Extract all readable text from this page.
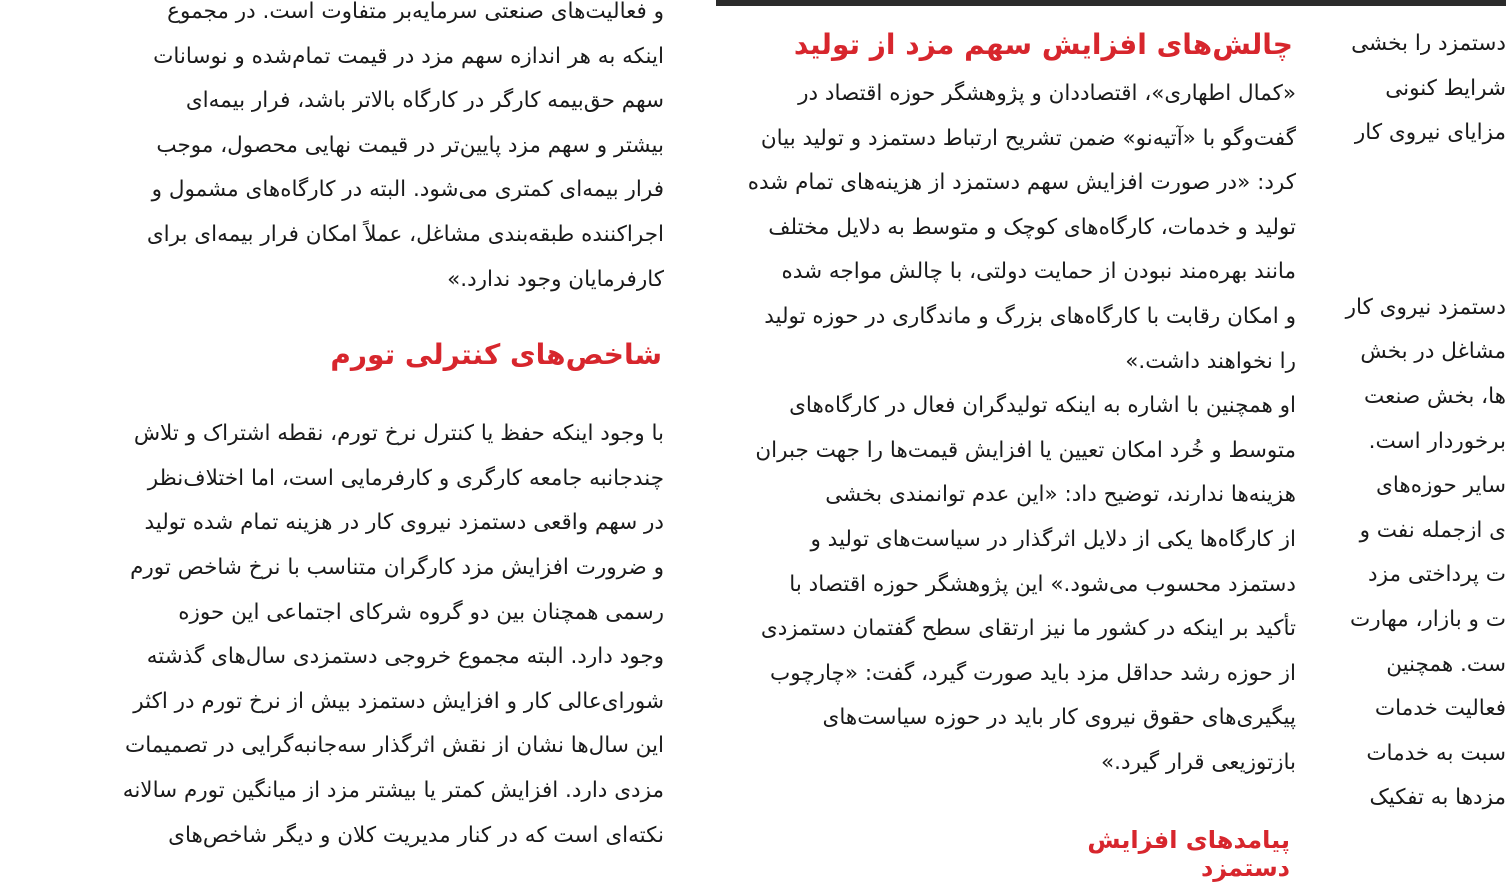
و فعالیت‌های صنعتی سرمایه‌بر متفاوت است. در مجموع
اینکه به هر اندازه سهم مزد در قیمت تمام‌شده و نوسانات
سهم حق‌بیمه کارگر در کارگاه بالاتر باشد، فرار بیمه‌ای
بیشتر و سهم مزد پایین‌تر در قیمت نهایی محصول، موجب
فرار بیمه‌ای کمتری می‌شود. البته در کارگاه‌های مشمول و
اجراکننده طبقه‌بندی مشاغل، عملاً امکان فرار بیمه‌ای برای
کارفرمایان وجود ندارد.»
با وجود اینکه حفظ یا کنترل نرخ تورم، نقطه اشتراک و تلاش
چندجانبه جامعه کارگری و کارفرمایی است، اما اختلاف‌نظر
در سهم واقعی دستمزد نیروی کار در هزینه تمام شده تولید
و ضرورت افزایش مزد کارگران متناسب با نرخ شاخص تورم
رسمی همچنان بین دو گروه شرکای اجتماعی این حوزه
وجود دارد. البته مجموع خروجی دستمزدی سال‌های گذشته
شورای‌عالی کار و افزایش دستمزد بیش از نرخ تورم در اکثر
این سال‌ها نشان از نقش اثرگذار سه‌جانبه‌گرایی در تصمیمات
مزدی دارد. افزایش کمتر یا بیشتر مزد از میانگین تورم سالانه
نکته‌ای است که در کنار مدیریت کلان و دیگر شاخص‌های
شاخص‌های کنترلی تورم
چالش‌های افزایش سهم مزد از تولید
«کمال اطهاری»، اقتصاددان و پژوهشگر حوزه اقتصاد در
گفت‌وگو با «آتیه‌نو» ضمن تشریح ارتباط دستمزد و تولید بیان
کرد: «در صورت افزایش سهم دستمزد از هزینه‌های تمام شده
تولید و خدمات، کارگاه‌های کوچک و متوسط به دلایل مختلف
مانند بهره‌مند نبودن از حمایت دولتی، با چالش مواجه شده
و امکان رقابت با کارگاه‌های بزرگ و ماندگاری در حوزه تولید
را نخواهند داشت.»
او همچنین با اشاره به اینکه تولیدگران فعال در کارگاه‌های
متوسط و خُرد امکان تعیین یا افزایش قیمت‌ها را جهت جبران
هزینه‌ها ندارند، توضیح داد: «این عدم توانمندی بخشی
از کارگاه‌ها یکی از دلایل اثرگذار در سیاست‌های تولید و
دستمزد محسوب می‌شود.» این پژوهشگر حوزه اقتصاد با
تأکید بر اینکه در کشور ما نیز ارتقای سطح گفتمان دستمزدی
از حوزه رشد حداقل مزد باید صورت گیرد، گفت: «چارچوب
پیگیری‌های حقوق نیروی کار باید در حوزه سیاست‌های
بازتوزیعی قرار گیرد.»
پیامدهای افزایش دستمزد
دستمزد را بخشی
شرایط کنونی
مزایای نیروی کار
دستمزد نیروی کار
مشاغل در بخش
‌ها، بخش صنعت
برخوردار است.
سایر حوزه‌های
ی ازجمله نفت و
ت پرداختی مزد
ت و بازار، مهارت
ست. همچنین
فعالیت خدمات
سبت به خدمات
مزدها به تفکیک
